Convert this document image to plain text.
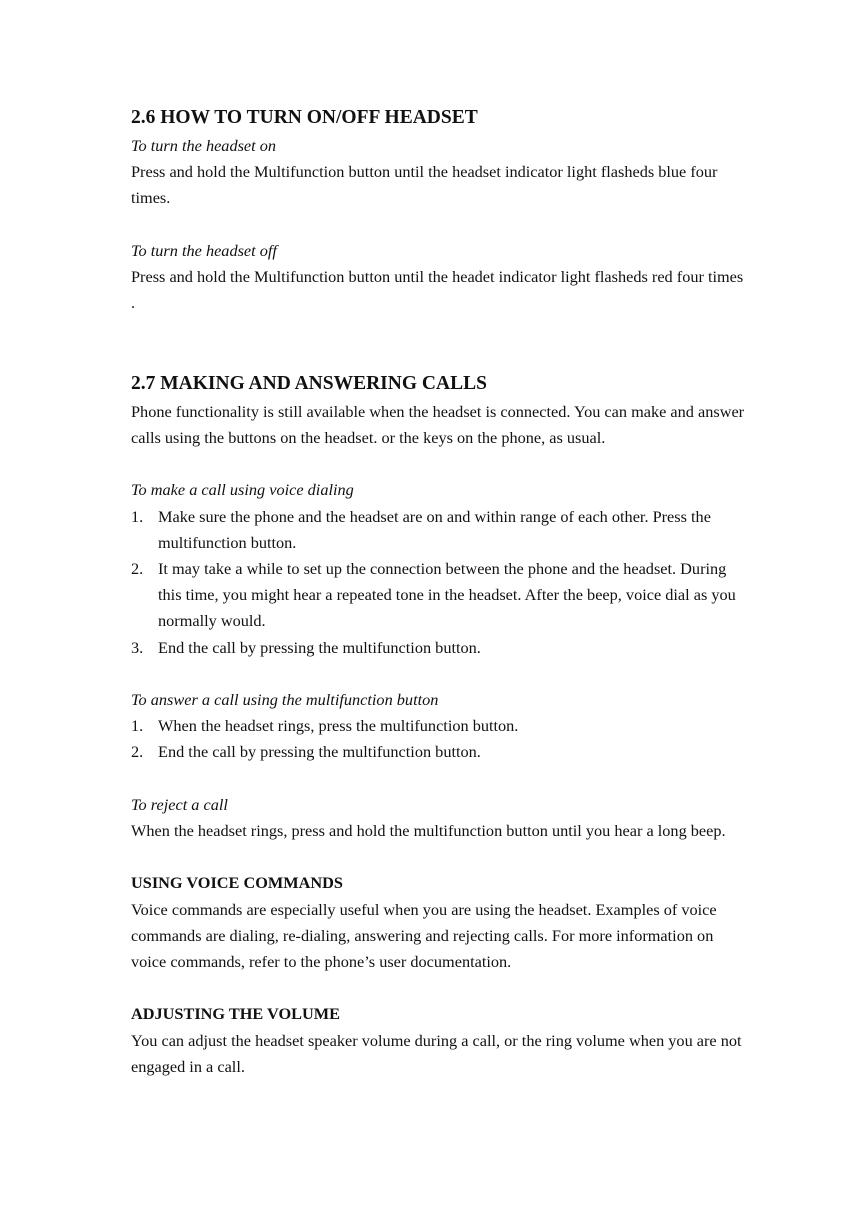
2.6 HOW TO TURN ON/OFF HEADSET

To turn the headset on

Press and hold the Multifunction button until the headset indicator light flasheds blue four times.

To turn the headset off

Press and hold the Multifunction button until the headet indicator light flasheds red four times .

2.7 MAKING AND ANSWERING CALLS

Phone functionality is still available when the headset is connected. You can make and answer calls using the buttons on the headset. or the keys on the phone, as usual.

To make a call using voice dialing

1. Make sure the phone and the headset are on and within range of each other. Press the multifunction button.
2. It may take a while to set up the connection between the phone and the headset. During this time, you might hear a repeated tone in the headset. After the beep, voice dial as you normally would.
3. End the call by pressing the multifunction button.

To answer a call using the multifunction button

1. When the headset rings, press the multifunction button.
2. End the call by pressing the multifunction button.

To reject a call

When the headset rings, press and hold the multifunction button until you hear a long beep.

USING VOICE COMMANDS

Voice commands are especially useful when you are using the headset. Examples of voice commands are dialing, re-dialing, answering and rejecting calls. For more information on voice commands, refer to the phone’s user documentation.

ADJUSTING THE VOLUME

You can adjust the headset speaker volume during a call, or the ring volume when you are not engaged in a call.
